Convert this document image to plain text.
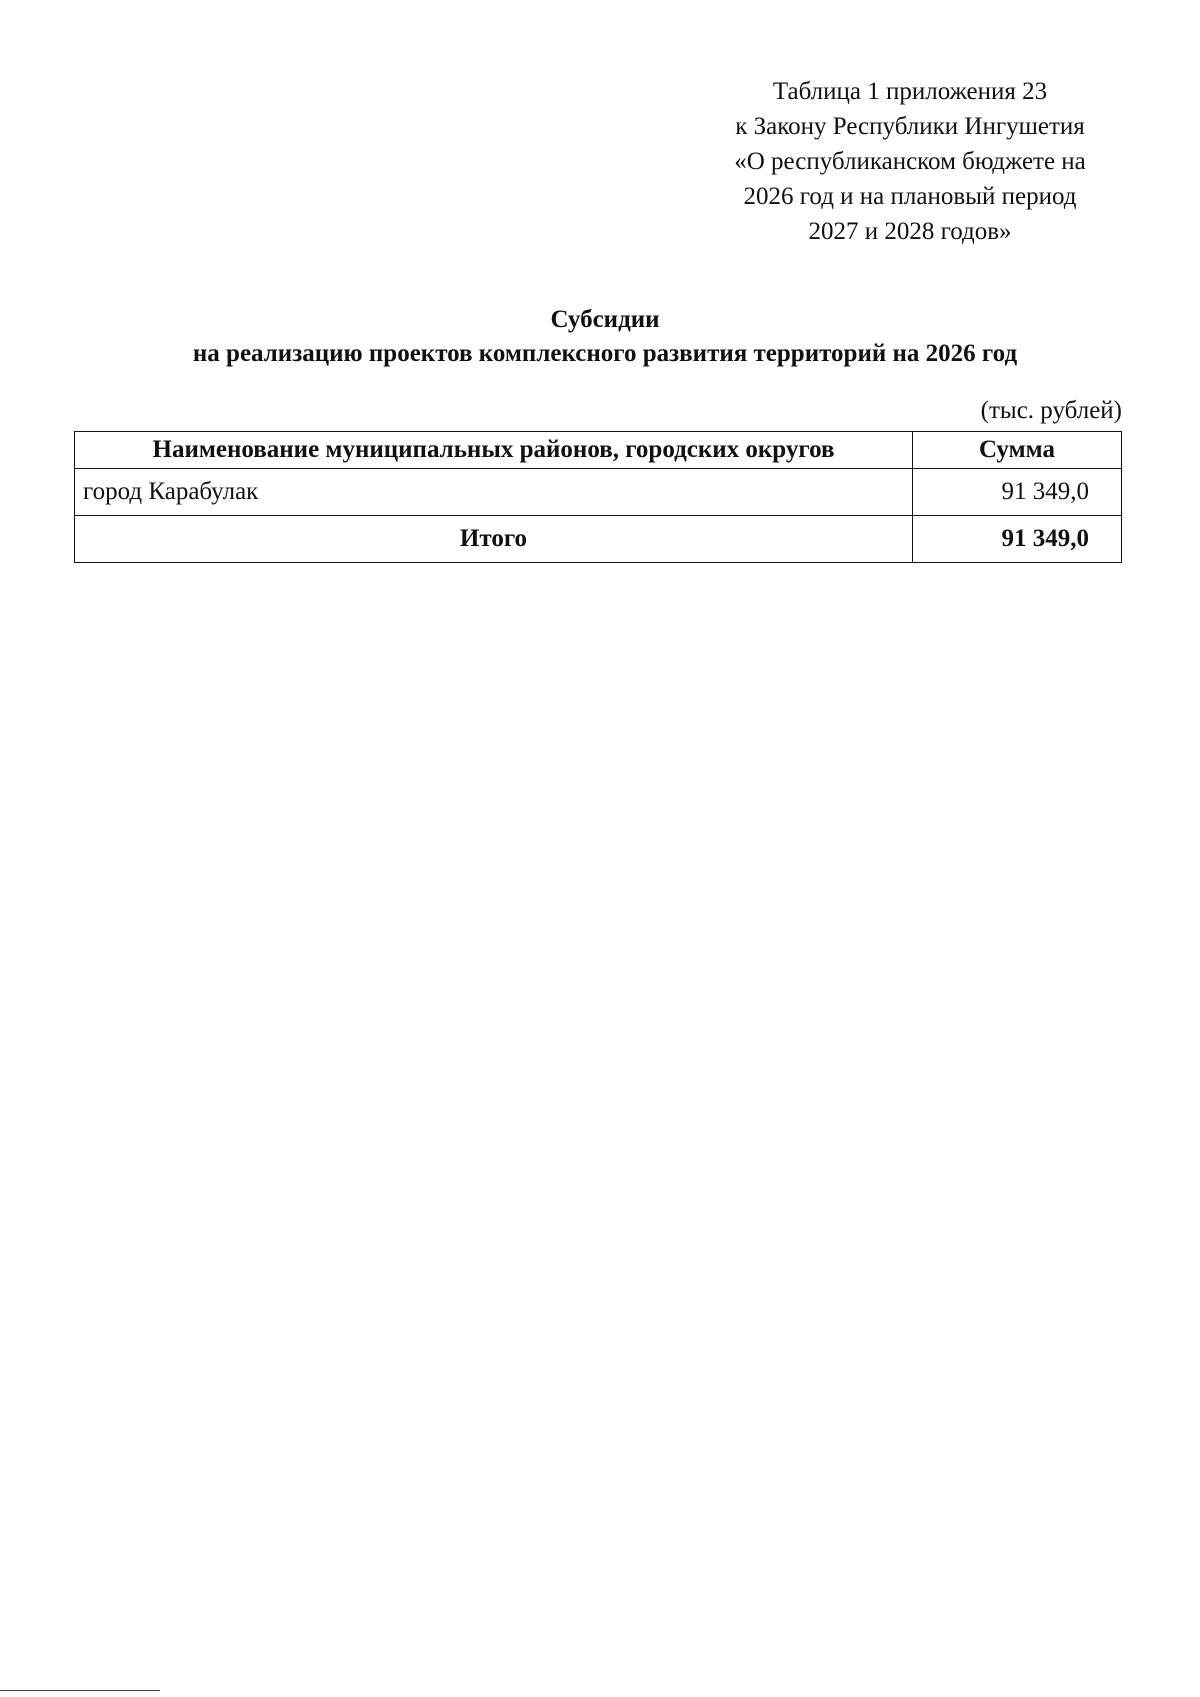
Таблица 1 приложения 23
к Закону Республики Ингушетия
«О республиканском бюджете на
2026 год и на плановый период
2027 и 2028 годов»
Субсидии
на реализацию проектов комплексного развития территорий на 2026 год
(тыс. рублей)
Наименование муниципальных районов, городских округов	Сумма
город Карабулак	91 349,0
Итого	91 349,0
